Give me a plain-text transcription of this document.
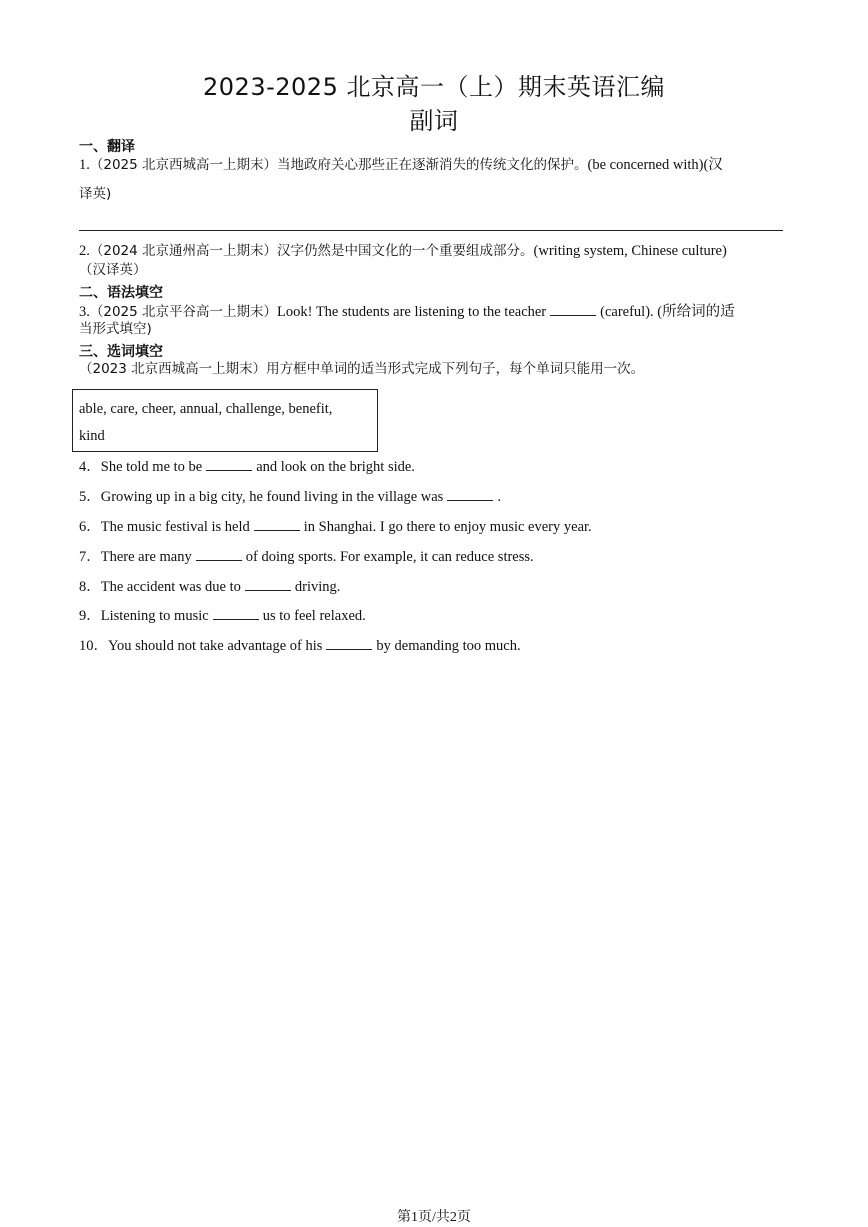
2023-2025 北京高一（上）期末英语汇编
副词
一、翻译
1.（2025 北京西城高一上期末）当地政府关心那些正在逐渐消失的传统文化的保护。(be concerned with)(汉
译英)
2.（2024 北京通州高一上期末）汉字仍然是中国文化的一个重要组成部分。(writing system, Chinese culture)
（汉译英）
二、语法填空
3.（2025 北京平谷高一上期末）Look! The students are listening to the teacher	(careful). (所给词的适
当形式填空)
三、选词填空
（2023 北京西城高一上期末）用方框中单词的适当形式完成下列句子，每个单词只能用一次。
able, care, cheer, annual, challenge, benefit,
kind
4．She told me to be	and look on the bright side.
5．Growing up in a big city, he found living in the village was	.
6．The music festival is held	in Shanghai. I go there to enjoy music every year.
7．There are many	of doing sports. For example, it can reduce stress.
8．The accident was due to	driving.
9．Listening to music	us to feel relaxed.
10．You should not take advantage of his	by demanding too much.
第1页/共2页
